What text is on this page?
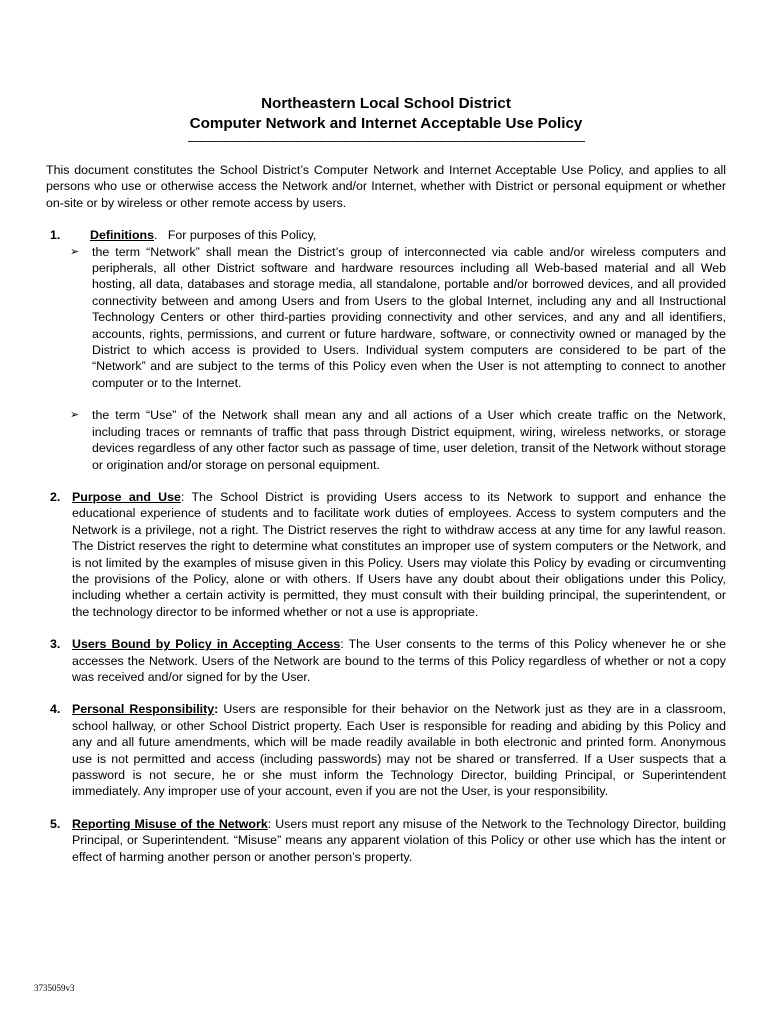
Northeastern Local School District
Computer Network and Internet Acceptable Use Policy
—————————————————————————————————
This document constitutes the School District’s Computer Network and Internet Acceptable Use Policy, and applies to all persons who use or otherwise access the Network and/or Internet, whether with District or personal equipment or whether on-site or by wireless or other remote access by users.
1. Definitions. For purposes of this Policy,
➢ the term “Network” shall mean the District’s group of interconnected via cable and/or wireless computers and peripherals, all other District software and hardware resources including all Web-based material and all Web hosting, all data, databases and storage media, all standalone, portable and/or borrowed devices, and all provided connectivity between and among Users and from Users to the global Internet, including any and all Instructional Technology Centers or other third-parties providing connectivity and other services, and any and all identifiers, accounts, rights, permissions, and current or future hardware, software, or connectivity owned or managed by the District to which access is provided to Users. Individual system computers are considered to be part of the “Network” and are subject to the terms of this Policy even when the User is not attempting to connect to another computer or to the Internet.
➢ the term “Use” of the Network shall mean any and all actions of a User which create traffic on the Network, including traces or remnants of traffic that pass through District equipment, wiring, wireless networks, or storage devices regardless of any other factor such as passage of time, user deletion, transit of the Network without storage or origination and/or storage on personal equipment.
2. Purpose and Use: The School District is providing Users access to its Network to support and enhance the educational experience of students and to facilitate work duties of employees. Access to system computers and the Network is a privilege, not a right. The District reserves the right to withdraw access at any time for any lawful reason. The District reserves the right to determine what constitutes an improper use of system computers or the Network, and is not limited by the examples of misuse given in this Policy. Users may violate this Policy by evading or circumventing the provisions of the Policy, alone or with others. If Users have any doubt about their obligations under this Policy, including whether a certain activity is permitted, they must consult with their building principal, the superintendent, or the technology director to be informed whether or not a use is appropriate.
3. Users Bound by Policy in Accepting Access: The User consents to the terms of this Policy whenever he or she accesses the Network. Users of the Network are bound to the terms of this Policy regardless of whether or not a copy was received and/or signed for by the User.
4. Personal Responsibility: Users are responsible for their behavior on the Network just as they are in a classroom, school hallway, or other School District property. Each User is responsible for reading and abiding by this Policy and any and all future amendments, which will be made readily available in both electronic and printed form. Anonymous use is not permitted and access (including passwords) may not be shared or transferred. If a User suspects that a password is not secure, he or she must inform the Technology Director, building Principal, or Superintendent immediately. Any improper use of your account, even if you are not the User, is your responsibility.
5. Reporting Misuse of the Network: Users must report any misuse of the Network to the Technology Director, building Principal, or Superintendent. “Misuse” means any apparent violation of this Policy or other use which has the intent or effect of harming another person or another person’s property.
3735059v3
